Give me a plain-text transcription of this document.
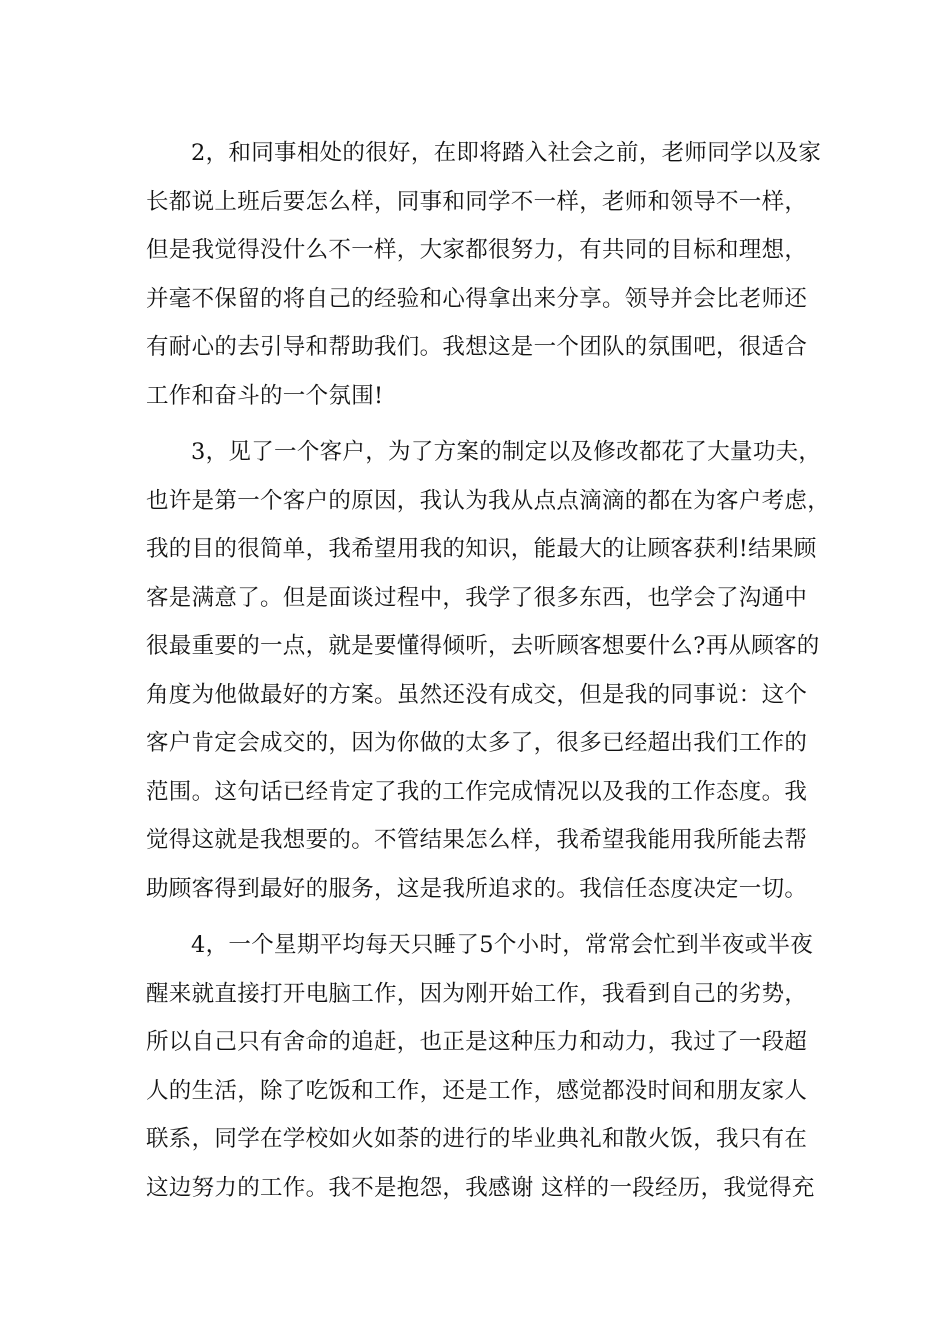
2，和同事相处的很好，在即将踏入社会之前，老师同学以及家
长都说上班后要怎么样，同事和同学不一样，老师和领导不一样，
但是我觉得没什么不一样，大家都很努力，有共同的目标和理想，
并毫不保留的将自己的经验和心得拿出来分享。领导并会比老师还
有耐心的去引导和帮助我们。我想这是一个团队的氛围吧，很适合
工作和奋斗的一个氛围!
3，见了一个客户，为了方案的制定以及修改都花了大量功夫，
也许是第一个客户的原因，我认为我从点点滴滴的都在为客户考虑，
我的目的很简单，我希望用我的知识，能最大的让顾客获利!结果顾
客是满意了。但是面谈过程中，我学了很多东西，也学会了沟通中
很最重要的一点，就是要懂得倾听，去听顾客想要什么?再从顾客的
角度为他做最好的方案。虽然还没有成交，但是我的同事说：这个
客户肯定会成交的，因为你做的太多了，很多已经超出我们工作的
范围。这句话已经肯定了我的工作完成情况以及我的工作态度。我
觉得这就是我想要的。不管结果怎么样，我希望我能用我所能去帮
助顾客得到最好的服务，这是我所追求的。我信任态度决定一切。
4，一个星期平均每天只睡了5个小时，常常会忙到半夜或半夜
醒来就直接打开电脑工作，因为刚开始工作，我看到自己的劣势，
所以自己只有舍命的追赶，也正是这种压力和动力，我过了一段超
人的生活，除了吃饭和工作，还是工作，感觉都没时间和朋友家人
联系，同学在学校如火如荼的进行的毕业典礼和散火饭，我只有在
这边努力的工作。我不是抱怨，我感谢 这样的一段经历，我觉得充
